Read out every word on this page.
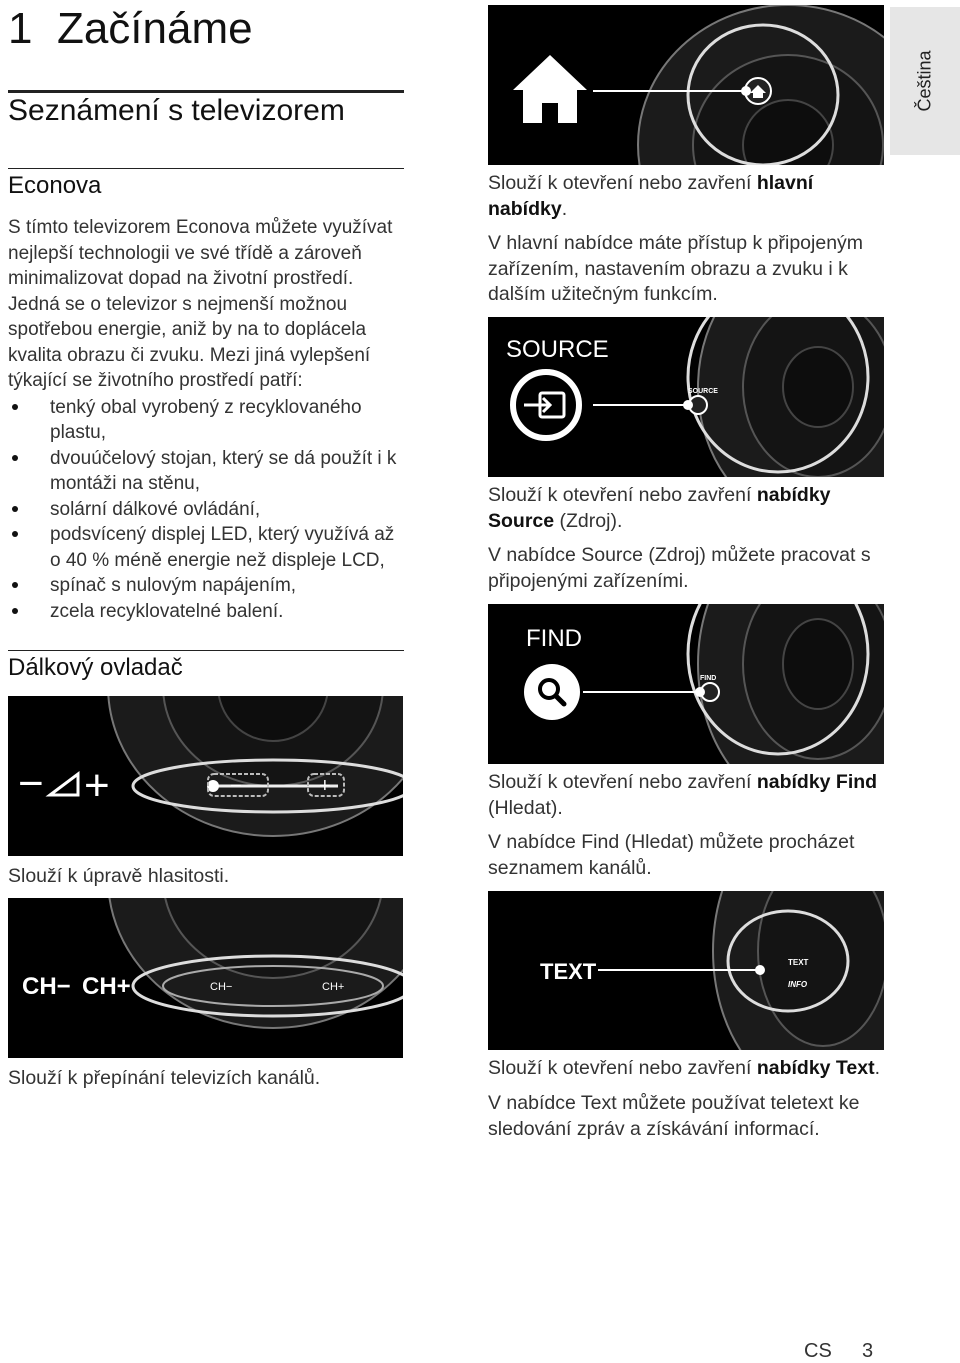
1 Začínáme
Seznámení s televizorem
Econova
S tímto televizorem Econova můžete využívat nejlepší technologii ve své třídě a zároveň minimalizovat dopad na životní prostředí. Jedná se o televizor s nejmenší možnou spotřebou energie, aniž by na to doplácela kvalita obrazu či zvuku. Mezi jiná vylepšení týkající se životního prostředí patří:
tenký obal vyrobený z recyklovaného plastu,
dvouúčelový stojan, který se dá použít i k montáži na stěnu,
solární dálkové ovládání,
podsvícený displej LED, který využívá až o 40 % méně energie než displeje LCD,
spínač s nulovým napájením,
zcela recyklovatelné balení.
Dálkový ovladač
−	+
− +
Slouží k úpravě hlasitosti.
CH−	CH+
CH− CH+
Slouží k přepínání televizích kanálů.
Slouží k otevření nebo zavření hlavní nabídky.
V hlavní nabídce máte přístup k připojeným zařízením, nastavením obrazu a zvuku i k dalším užitečným funkcím.
SOURCE
SOURCE
Slouží k otevření nebo zavření nabídky Source (Zdroj).
V nabídce Source (Zdroj) můžete pracovat s připojenými zařízeními.
FIND
FIND
Slouží k otevření nebo zavření nabídky Find (Hledat).
V nabídce Find (Hledat) můžete procházet seznamem kanálů.
TEXT
INFO
TEXT
Slouží k otevření nebo zavření nabídky Text.
V nabídce Text můžete používat teletext ke sledování zpráv a získávání informací.
Čeština
CS 3
